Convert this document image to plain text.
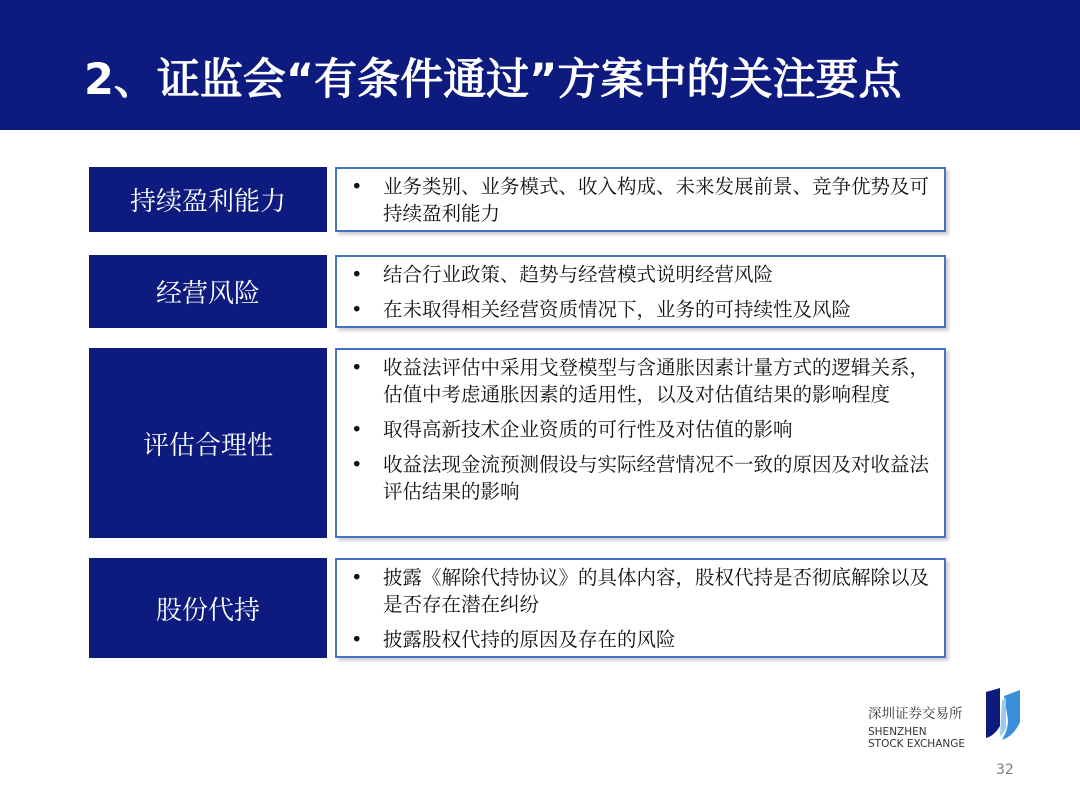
2、证监会“有条件通过”方案中的关注要点
持续盈利能力
•	业务类别、业务模式、收入构成、未来发展前景、竞争优势及可持续盈利能力
经营风险
•	结合行业政策、趋势与经营模式说明经营风险
•	在未取得相关经营资质情况下，业务的可持续性及风险
评估合理性
•	收益法评估中采用戈登模型与含通胀因素计量方式的逻辑关系，估值中考虑通胀因素的适用性，以及对估值结果的影响程度
•	取得高新技术企业资质的可行性及对估值的影响
•	收益法现金流预测假设与实际经营情况不一致的原因及对收益法评估结果的影响
股份代持
•	披露《解除代持协议》的具体内容，股权代持是否彻底解除以及是否存在潜在纠纷
•	披露股权代持的原因及存在的风险
深圳证券交易所
SHENZHEN
STOCK EXCHANGE
32
